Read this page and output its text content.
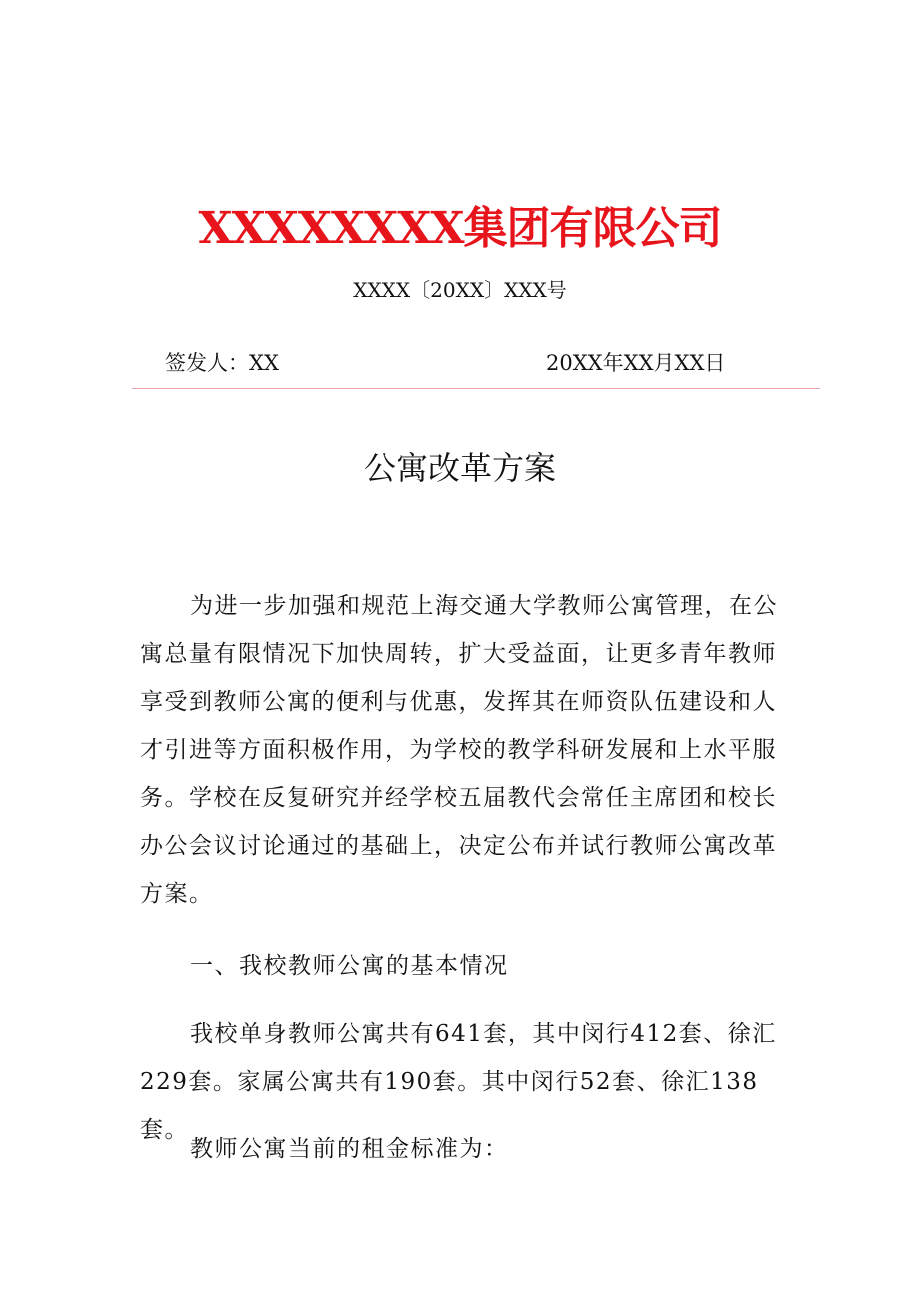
XXXXXXXX集团有限公司
XXXX〔20XX〕XXX号
签发人：XX	20XX年XX月XX日
公寓改革方案

为进一步加强和规范上海交通大学教师公寓管理，在公寓总量有限情况下加快周转，扩大受益面，让更多青年教师享受到教师公寓的便利与优惠，发挥其在师资队伍建设和人才引进等方面积极作用，为学校的教学科研发展和上水平服务。学校在反复研究并经学校五届教代会常任主席团和校长办公会议讨论通过的基础上，决定公布并试行教师公寓改革方案。

一、我校教师公寓的基本情况

我校单身教师公寓共有641套，其中闵行412套、徐汇229套。家属公寓共有190套。其中闵行52套、徐汇138套。

教师公寓当前的租金标准为：
